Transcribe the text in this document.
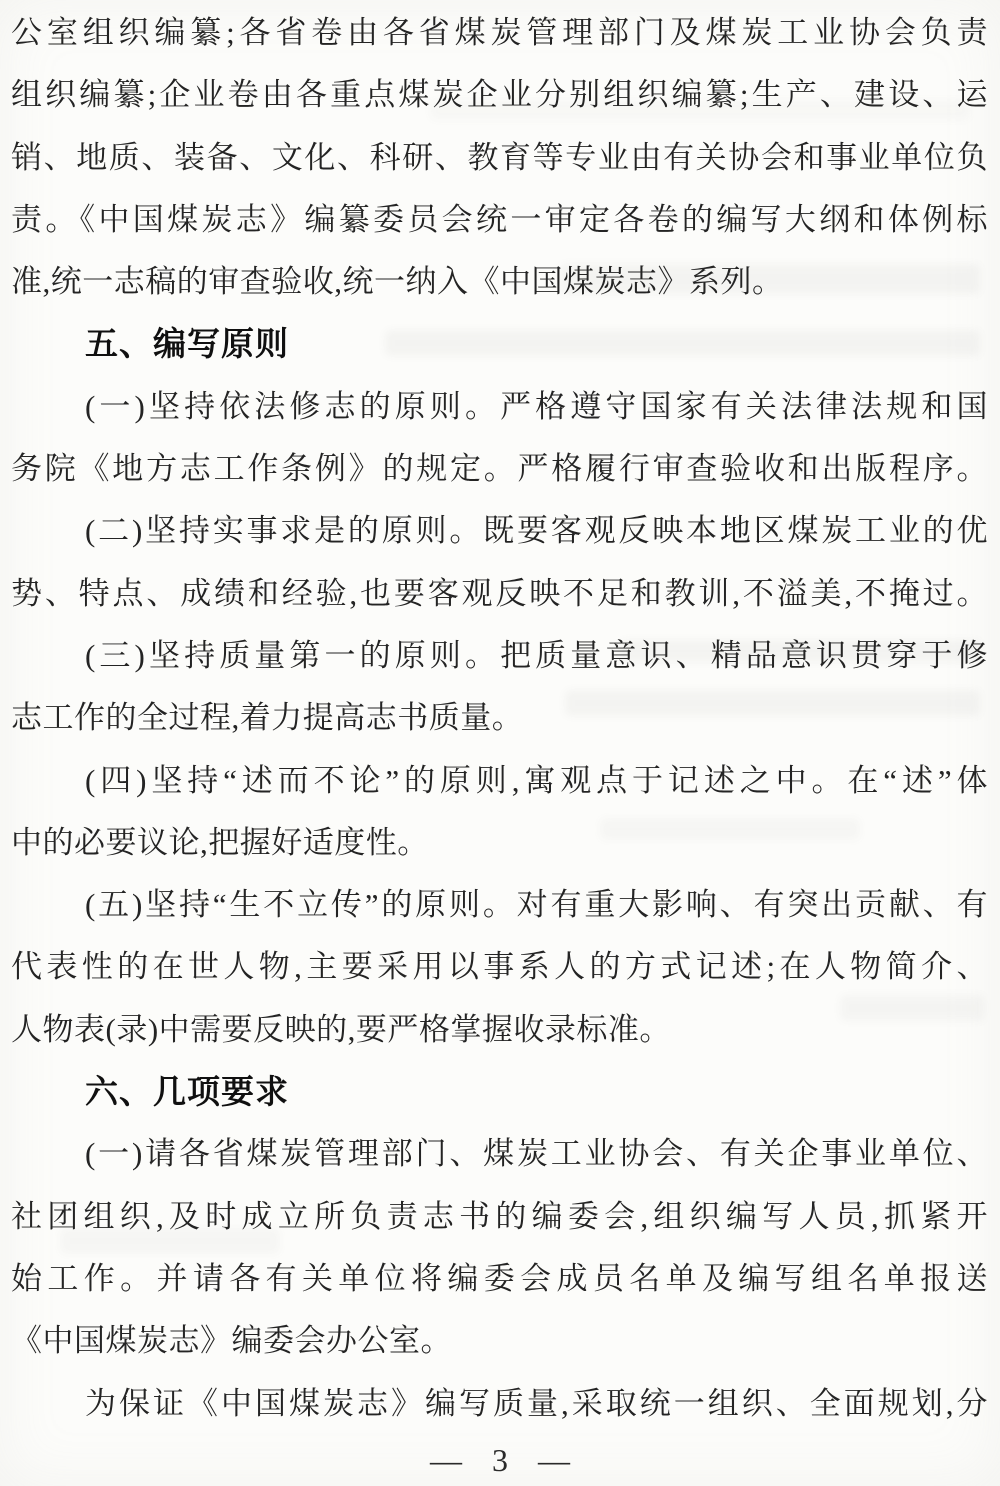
公室组织编纂;各省卷由各省煤炭管理部门及煤炭工业协会负责
组织编纂;企业卷由各重点煤炭企业分别组织编纂;生产、建设、运
销、地质、装备、文化、科研、教育等专业由有关协会和事业单位负
责。《中国煤炭志》编纂委员会统一审定各卷的编写大纲和体例标
准,统一志稿的审查验收,统一纳入《中国煤炭志》系列。
五、编写原则
(一)坚持依法修志的原则。严格遵守国家有关法律法规和国
务院《地方志工作条例》的规定。严格履行审查验收和出版程序。
(二)坚持实事求是的原则。既要客观反映本地区煤炭工业的优
势、特点、成绩和经验,也要客观反映不足和教训,不溢美,不掩过。
(三)坚持质量第一的原则。把质量意识、精品意识贯穿于修
志工作的全过程,着力提高志书质量。
(四)坚持“述而不论”的原则,寓观点于记述之中。在“述”体
中的必要议论,把握好适度性。
(五)坚持“生不立传”的原则。对有重大影响、有突出贡献、有
代表性的在世人物,主要采用以事系人的方式记述;在人物简介、
人物表(录)中需要反映的,要严格掌握收录标准。
六、几项要求
(一)请各省煤炭管理部门、煤炭工业协会、有关企事业单位、
社团组织,及时成立所负责志书的编委会,组织编写人员,抓紧开
始工作。并请各有关单位将编委会成员名单及编写组名单报送
《中国煤炭志》编委会办公室。
为保证《中国煤炭志》编写质量,采取统一组织、全面规划,分
— 3 —
